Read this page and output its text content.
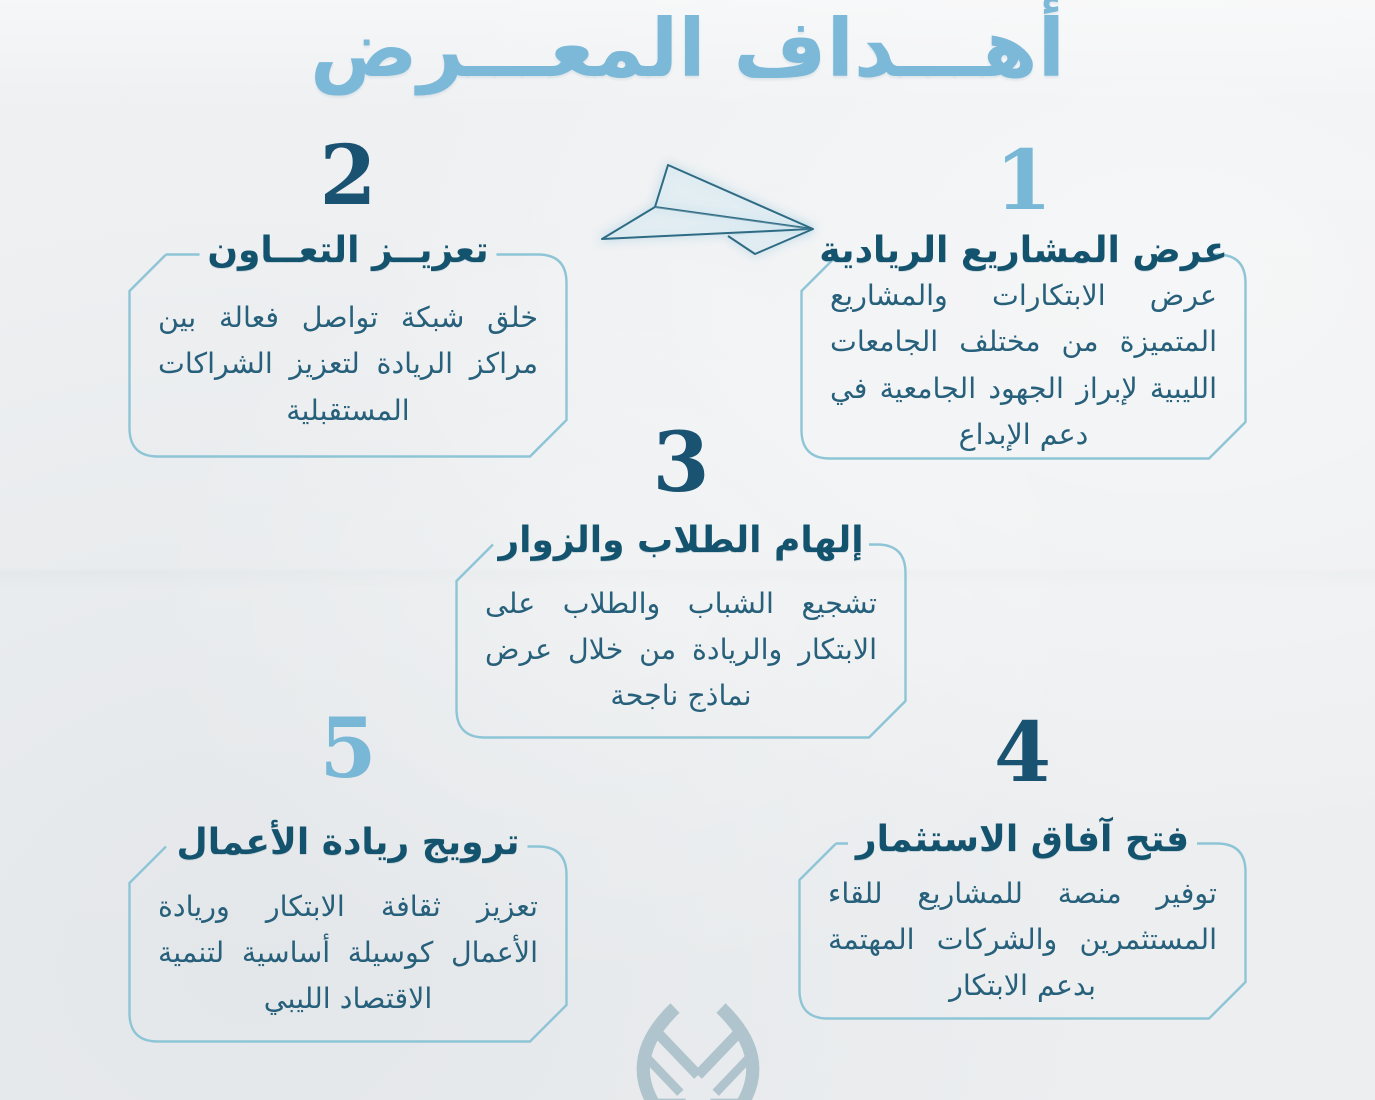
أهـــداف المعـــرض
1
عرض المشاريع الريادية

عرض الابتكارات والمشاريع المتميزة من مختلف الجامعات الليبية لإبراز الجهود الجامعية في دعم الإبداع

2
تعزيــز التعــاون

خلق شبكة تواصل فعالة بين مراكز الريادة لتعزيز الشراكات المستقبلية

3
إلهام الطلاب والزوار

تشجيع الشباب والطلاب على الابتكار والريادة من خلال عرض نماذج ناجحة

4
فتح آفاق الاستثمار

توفير منصة للمشاريع للقاء المستثمرين والشركات المهتمة بدعم الابتكار

5
ترويج ريادة الأعمال

تعزيز ثقافة الابتكار وريادة الأعمال كوسيلة أساسية لتنمية الاقتصاد الليبي
